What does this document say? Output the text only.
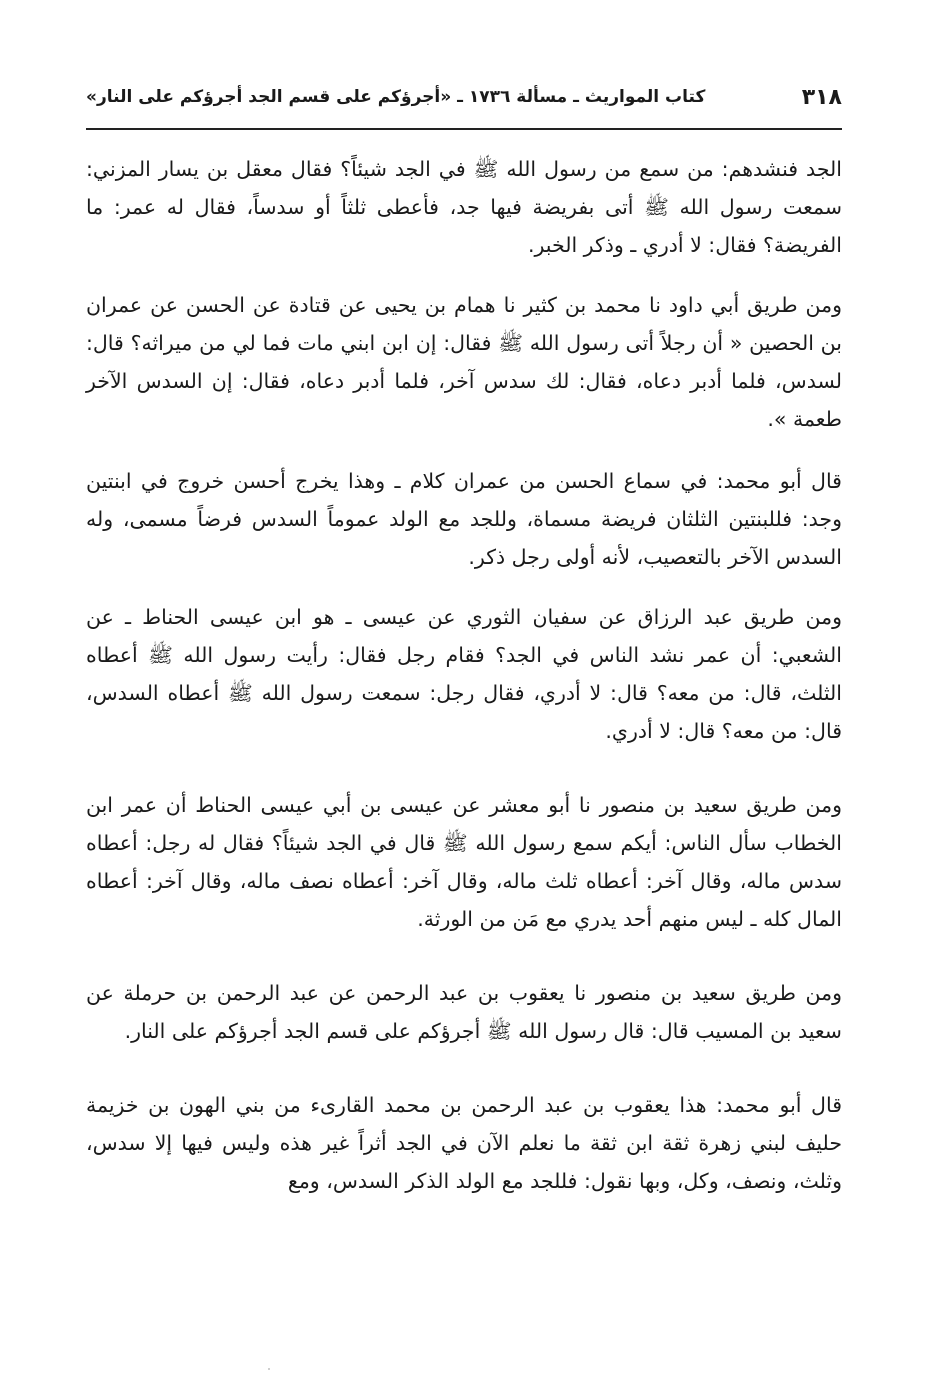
٣١٨
كتاب المواريث ـ مسألة ١٧٣٦ ـ «أجرؤكم على قسم الجد أجرؤكم على النار»

الجد فنشدهم: من سمع من رسول الله ﷺ في الجد شيئاً؟ فقال معقل بن يسار المزني: سمعت رسول الله ﷺ أتى بفريضة فيها جد، فأعطى ثلثاً أو سدساً، فقال له عمر: ما الفريضة؟ فقال: لا أدري ـ وذكر الخبر.

ومن طريق أبي داود نا محمد بن كثير نا همام بن يحيى عن قتادة عن الحسن عن عمران بن الحصين « أن رجلاً أتى رسول الله ﷺ فقال: إن ابن ابني مات فما لي من ميراثه؟ قال: لسدس، فلما أدبر دعاه، فقال: لك سدس آخر، فلما أدبر دعاه، فقال: إن السدس الآخر طعمة ».

قال أبو محمد: في سماع الحسن من عمران كلام ـ وهذا يخرج أحسن خروج في ابنتين وجد: فللبنتين الثلثان فريضة مسماة، وللجد مع الولد عموماً السدس فرضاً مسمى، وله السدس الآخر بالتعصيب، لأنه أولى رجل ذكر.

ومن طريق عبد الرزاق عن سفيان الثوري عن عيسى ـ هو ابن عيسى الحناط ـ عن الشعبي: أن عمر نشد الناس في الجد؟ فقام رجل فقال: رأيت رسول الله ﷺ أعطاه الثلث، قال: من معه؟ قال: لا أدري، فقال رجل: سمعت رسول الله ﷺ أعطاه السدس، قال: من معه؟ قال: لا أدري.

ومن طريق سعيد بن منصور نا أبو معشر عن عيسى بن أبي عيسى الحناط أن عمر ابن الخطاب سأل الناس: أيكم سمع رسول الله ﷺ قال في الجد شيئاً؟ فقال له رجل: أعطاه سدس ماله، وقال آخر: أعطاه ثلث ماله، وقال آخر: أعطاه نصف ماله، وقال آخر: أعطاه المال كله ـ ليس منهم أحد يدري مع مَن من الورثة.

ومن طريق سعيد بن منصور نا يعقوب بن عبد الرحمن عن عبد الرحمن بن حرملة عن سعيد بن المسيب قال: قال رسول الله ﷺ أجرؤكم على قسم الجد أجرؤكم على النار.

قال أبو محمد: هذا يعقوب بن عبد الرحمن بن محمد القارىء من بني الهون بن خزيمة حليف لبني زهرة ثقة ابن ثقة ما نعلم الآن في الجد أثراً غير هذه وليس فيها إلا سدس، وثلث، ونصف، وكل، وبها نقول: فللجد مع الولد الذكر السدس، ومع
